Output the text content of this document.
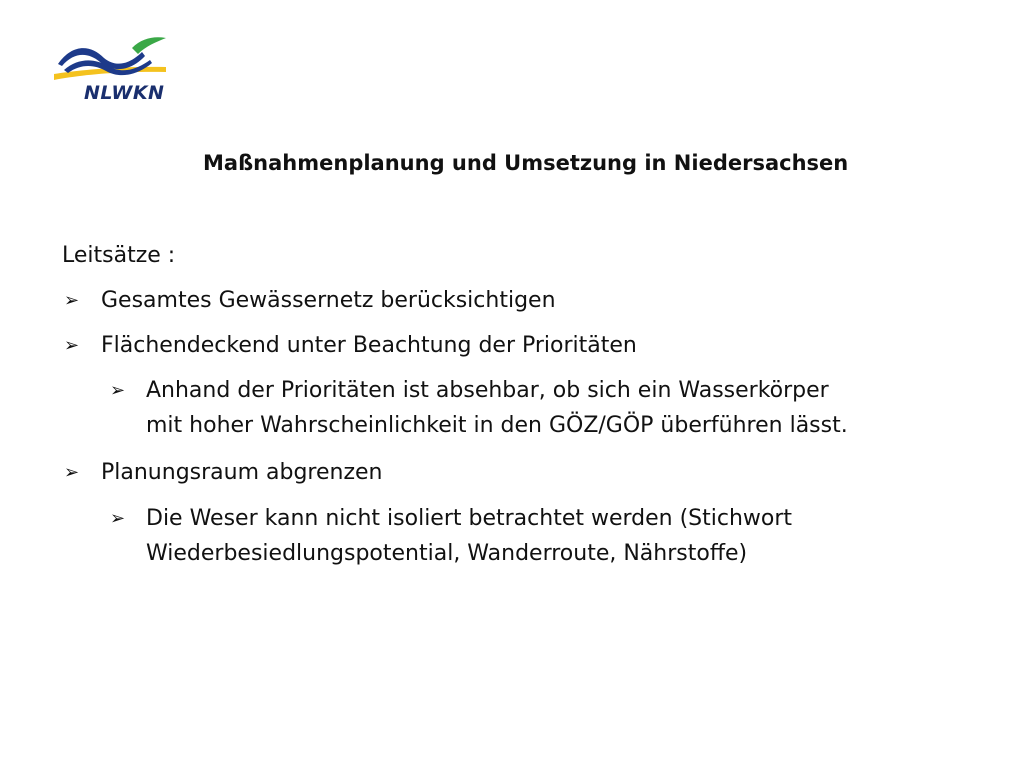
NLWKN
Maßnahmenplanung und Umsetzung in Niedersachsen
Leitsätze :
➢ Gesamtes Gewässernetz berücksichtigen
➢ Flächendeckend unter Beachtung der Prioritäten
➢ Anhand der Prioritäten ist absehbar, ob sich ein Wasserkörper
mit hoher Wahrscheinlichkeit in den GÖZ/GÖP überführen lässt.
➢ Planungsraum abgrenzen
➢ Die Weser kann nicht isoliert betrachtet werden (Stichwort
Wiederbesiedlungspotential, Wanderroute, Nährstoffe)
